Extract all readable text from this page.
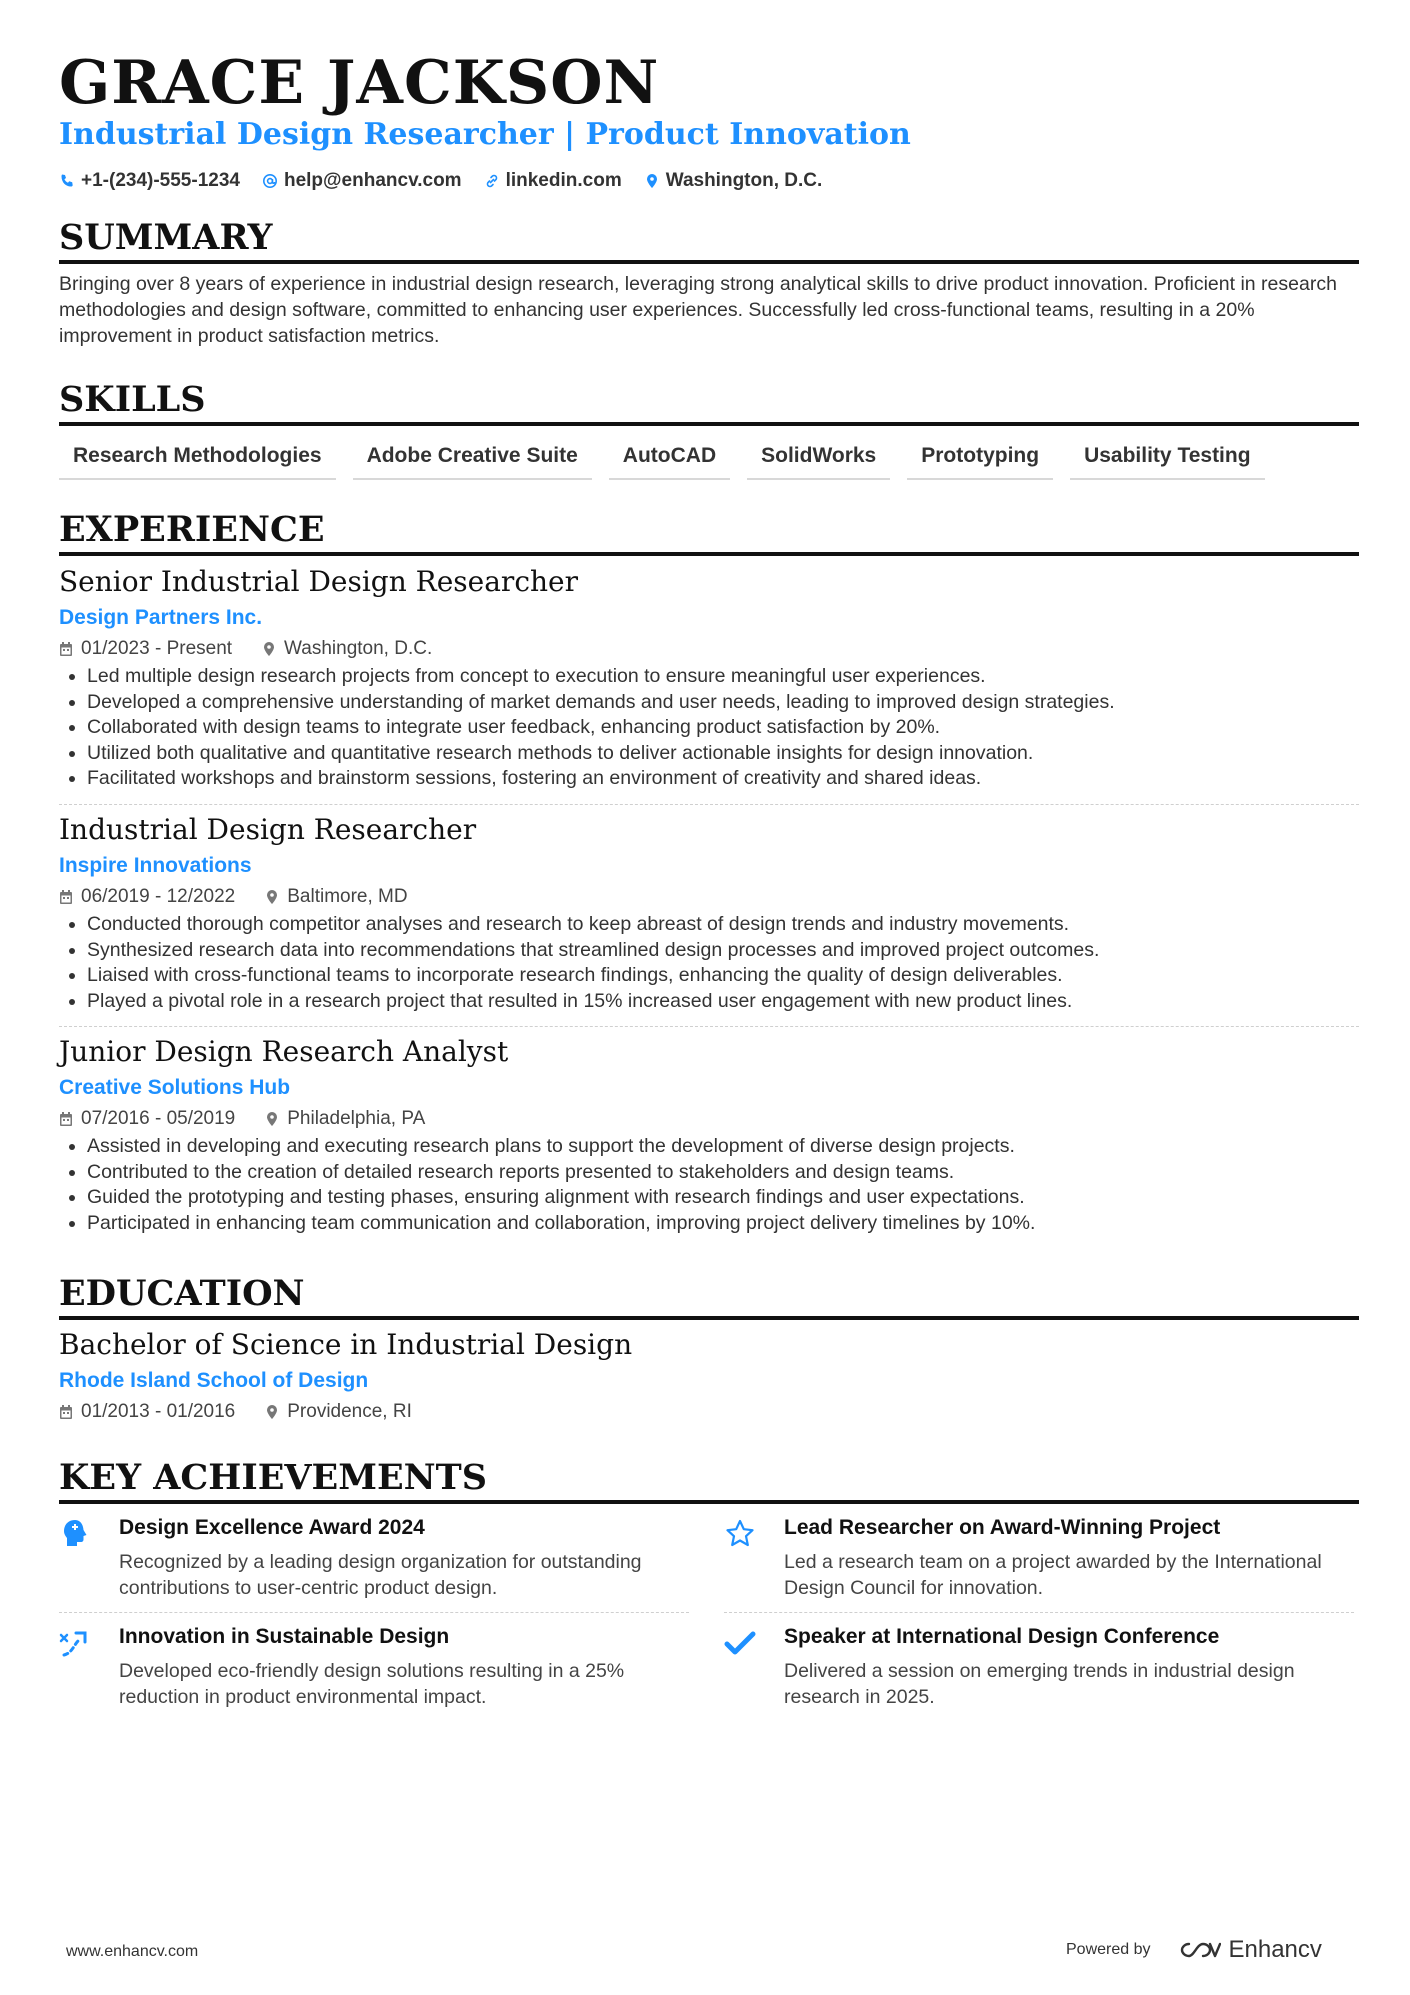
GRACE JACKSON
Industrial Design Researcher | Product Innovation
+1-(234)-555-1234 help@enhancv.com linkedin.com Washington, D.C.
SUMMARY
Bringing over 8 years of experience in industrial design research, leveraging strong analytical skills to drive product innovation. Proficient in research methodologies and design software, committed to enhancing user experiences. Successfully led cross-functional teams, resulting in a 20% improvement in product satisfaction metrics.
SKILLS
Research Methodologies	Adobe Creative Suite	AutoCAD	SolidWorks	Prototyping	Usability Testing
EXPERIENCE
Senior Industrial Design Researcher
Design Partners Inc.
01/2023 - Present	Washington, D.C.
• Led multiple design research projects from concept to execution to ensure meaningful user experiences.
• Developed a comprehensive understanding of market demands and user needs, leading to improved design strategies.
• Collaborated with design teams to integrate user feedback, enhancing product satisfaction by 20%.
• Utilized both qualitative and quantitative research methods to deliver actionable insights for design innovation.
• Facilitated workshops and brainstorm sessions, fostering an environment of creativity and shared ideas.
Industrial Design Researcher
Inspire Innovations
06/2019 - 12/2022	Baltimore, MD
• Conducted thorough competitor analyses and research to keep abreast of design trends and industry movements.
• Synthesized research data into recommendations that streamlined design processes and improved project outcomes.
• Liaised with cross-functional teams to incorporate research findings, enhancing the quality of design deliverables.
• Played a pivotal role in a research project that resulted in 15% increased user engagement with new product lines.
Junior Design Research Analyst
Creative Solutions Hub
07/2016 - 05/2019	Philadelphia, PA
• Assisted in developing and executing research plans to support the development of diverse design projects.
• Contributed to the creation of detailed research reports presented to stakeholders and design teams.
• Guided the prototyping and testing phases, ensuring alignment with research findings and user expectations.
• Participated in enhancing team communication and collaboration, improving project delivery timelines by 10%.
EDUCATION
Bachelor of Science in Industrial Design
Rhode Island School of Design
01/2013 - 01/2016	Providence, RI
KEY ACHIEVEMENTS
Design Excellence Award 2024
Recognized by a leading design organization for outstanding contributions to user-centric product design.
Lead Researcher on Award-Winning Project
Led a research team on a project awarded by the International Design Council for innovation.
Innovation in Sustainable Design
Developed eco-friendly design solutions resulting in a 25% reduction in product environmental impact.
Speaker at International Design Conference
Delivered a session on emerging trends in industrial design research in 2025.
www.enhancv.com	Powered by	Enhancv
